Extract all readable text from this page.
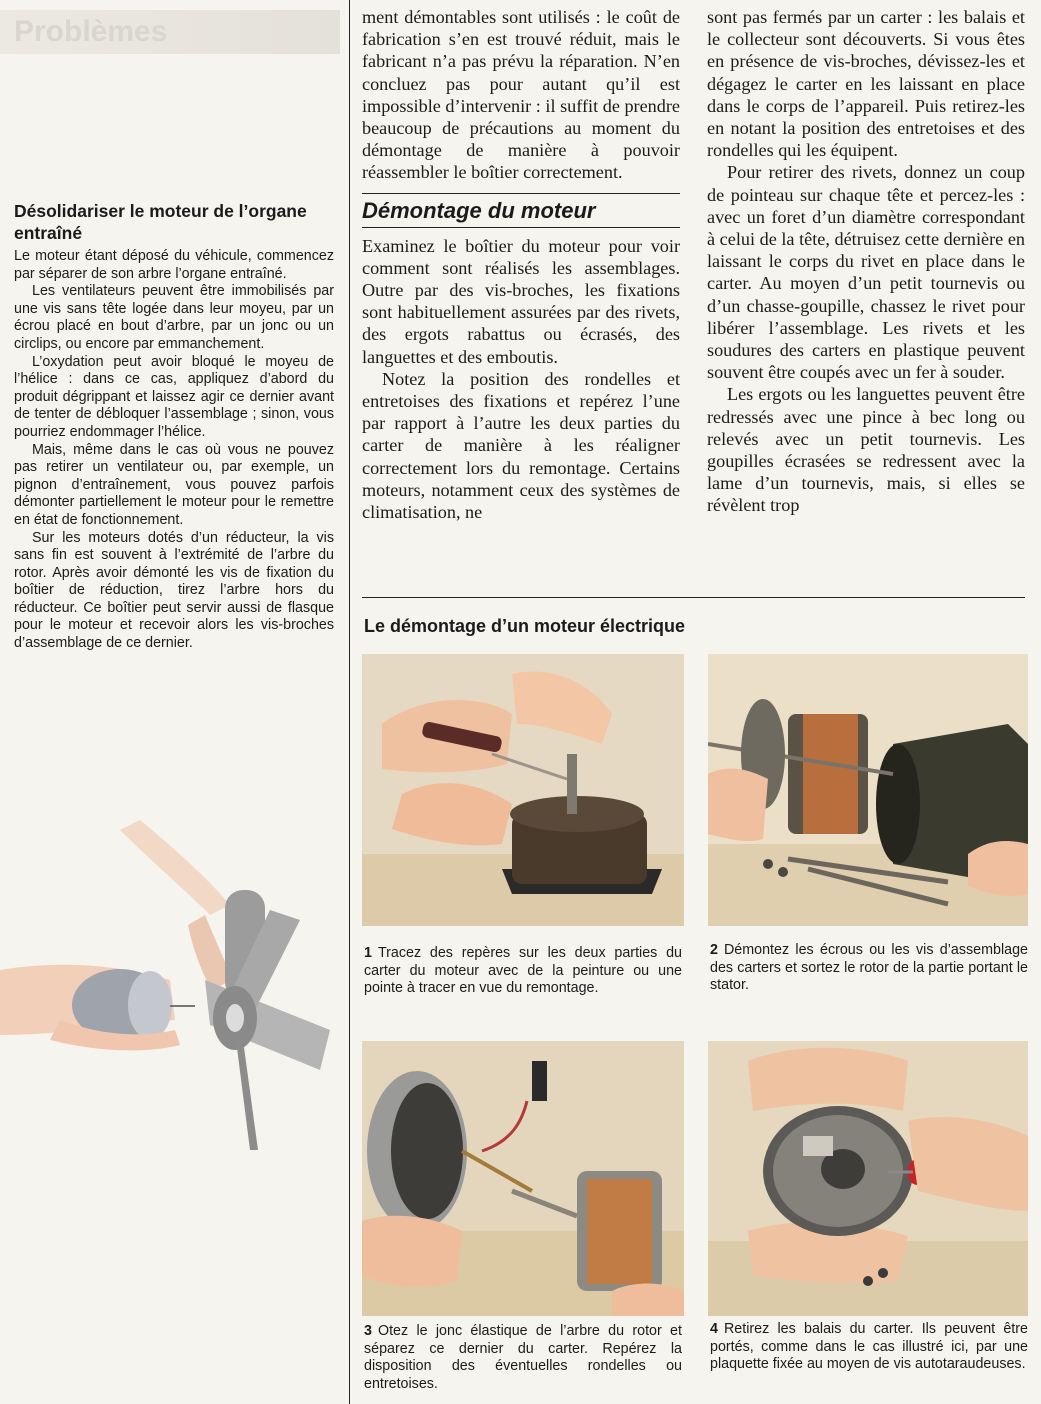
Problèmes
Désolidariser le moteur de l’organe entraîné

Le moteur étant déposé du véhicule, commencez par séparer de son arbre l’organe entraîné.

Les ventilateurs peuvent être immobilisés par une vis sans tête logée dans leur moyeu, par un écrou placé en bout d’arbre, par un jonc ou un circlips, ou encore par emmanchement.

L’oxydation peut avoir bloqué le moyeu de l’hélice : dans ce cas, appliquez d’abord du produit dégrippant et laissez agir ce dernier avant de tenter de débloquer l’assemblage ; sinon, vous pourriez endommager l’hélice.

Mais, même dans le cas où vous ne pouvez pas retirer un ventilateur ou, par exemple, un pignon d’entraînement, vous pouvez parfois démonter partiellement le moteur pour le remettre en état de fonctionnement.

Sur les moteurs dotés d’un réducteur, la vis sans fin est souvent à l’extrémité de l’arbre du rotor. Après avoir démonté les vis de fixation du boîtier de réduction, tirez l’arbre hors du réducteur. Ce boîtier peut servir aussi de flasque pour le moteur et recevoir alors les vis-broches d’assemblage de ce dernier.

ment démontables sont utilisés : le coût de fabrication s’en est trouvé réduit, mais le fabricant n’a pas prévu la réparation. N’en concluez pas pour autant qu’il est impossible d’intervenir : il suffit de prendre beaucoup de précautions au moment du démontage de manière à pouvoir réassembler le boîtier correctement.

Démontage du moteur

Examinez le boîtier du moteur pour voir comment sont réalisés les assemblages. Outre par des vis-broches, les fixations sont habituellement assurées par des rivets, des ergots rabattus ou écrasés, des languettes et des emboutis.

Notez la position des rondelles et entretoises des fixations et repérez l’une par rapport à l’autre les deux parties du carter de manière à les réaligner correctement lors du remontage. Certains moteurs, notamment ceux des systèmes de climatisation, ne

sont pas fermés par un carter : les balais et le collecteur sont découverts. Si vous êtes en présence de vis-broches, dévissez-les et dégagez le carter en les laissant en place dans le corps de l’appareil. Puis retirez-les en notant la position des entretoises et des rondelles qui les équipent.

Pour retirer des rivets, donnez un coup de pointeau sur chaque tête et percez-les : avec un foret d’un diamètre correspondant à celui de la tête, détruisez cette dernière en laissant le corps du rivet en place dans le carter. Au moyen d’un petit tournevis ou d’un chasse-goupille, chassez le rivet pour libérer l’assemblage. Les rivets et les soudures des carters en plastique peuvent souvent être coupés avec un fer à souder.

Les ergots ou les languettes peuvent être redressés avec une pince à bec long ou relevés avec un petit tournevis. Les goupilles écrasées se redressent avec la lame d’un tournevis, mais, si elles se révèlent trop

Le démontage d’un moteur électrique

1 Tracez des repères sur les deux parties du carter du moteur avec de la peinture ou une pointe à tracer en vue du remontage.

2 Démontez les écrous ou les vis d’assemblage des carters et sortez le rotor de la partie portant le stator.

3 Otez le jonc élastique de l’arbre du rotor et séparez ce dernier du carter. Repérez la disposition des éventuelles rondelles ou entretoises.

4 Retirez les balais du carter. Ils peuvent être portés, comme dans le cas illustré ici, par une plaquette fixée au moyen de vis autotaraudeuses.
